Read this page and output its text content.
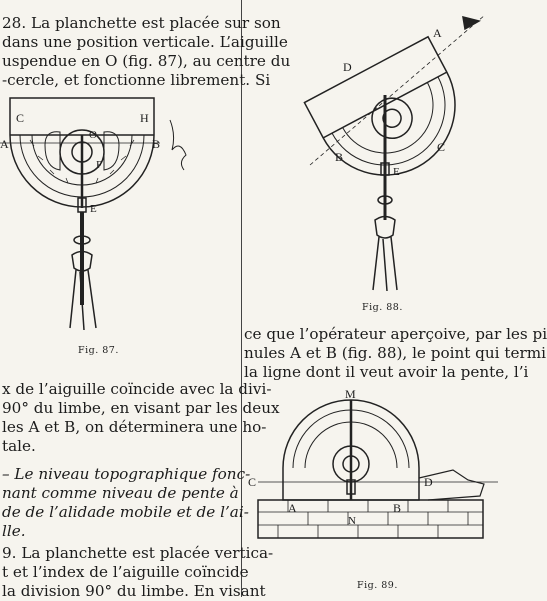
28. La planchette est placée sur son
dans une position verticale. L’aiguille
uspendue en O (fig. 87), au centre du
-cercle, et fonctionne librement. Si
C	H
A	B
O
F
E
Fig. 87.
x de l’aiguille coïncide avec la divi-
90° du limbe, en visant par les deux
les A et B, on déterminera une ho-
tale.
– Le niveau topographique fonc-
nant comme niveau de pente à
de de l’alidade mobile et de l’ai-
lle.
9. La planchette est placée vertica-
t et l’index de l’aiguille coïncide
la division 90° du limbe. En visant
A
D
B
C
E
Fig. 88.
ce que l’opérateur aperçoive, par les pi
nules A et B (fig. 88), le point qui termi
la ligne dont il veut avoir la pente, l’i
M
C
A	B
D
N
Fig. 89.
